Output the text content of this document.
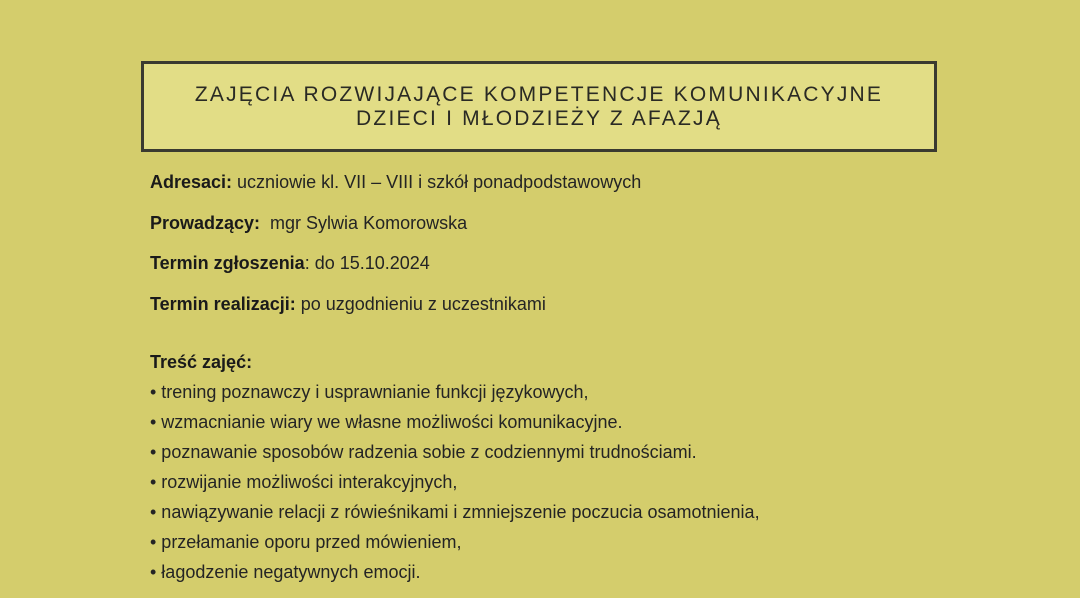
ZAJĘCIA ROZWIJAJĄCE KOMPETENCJE KOMUNIKACYJNE
DZIECI I MŁODZIEŻY Z AFAZJĄ
Adresaci: uczniowie kl. VII – VIII i szkół ponadpodstawowych
Prowadzący:  mgr Sylwia Komorowska
Termin zgłoszenia: do 15.10.2024
Termin realizacji: po uzgodnieniu z uczestnikami
Treść zajęć:
• trening poznawczy i usprawnianie funkcji językowych,
• wzmacnianie wiary we własne możliwości komunikacyjne.
• poznawanie sposobów radzenia sobie z codziennymi trudnościami.
• rozwijanie możliwości interakcyjnych,
• nawiązywanie relacji z rówieśnikami i zmniejszenie poczucia osamotnienia,
• przełamanie oporu przed mówieniem,
• łagodzenie negatywnych emocji.
